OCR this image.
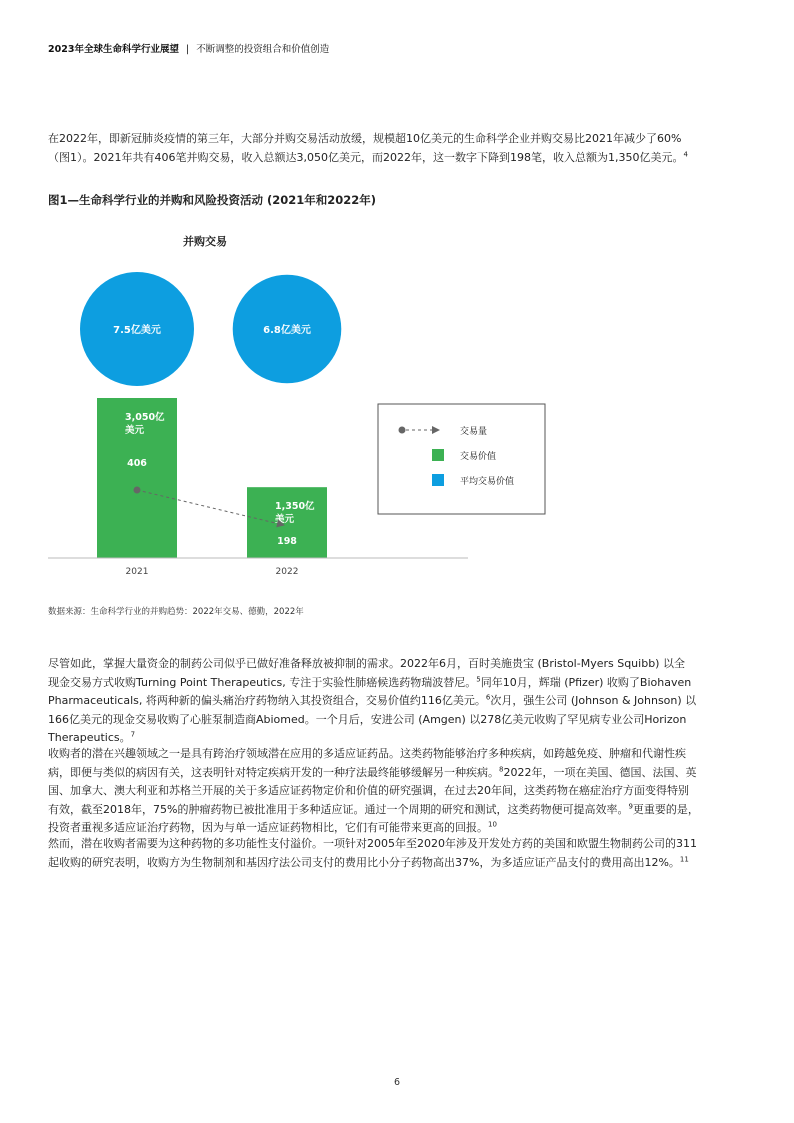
2023年全球生命科学行业展望 | 不断调整的投资组合和价值创造

在2022年，即新冠肺炎疫情的第三年，大部分并购交易活动放缓，规模超10亿美元的生命科学企业并购交易比2021年减少了60%

（图1）。2021年共有406笔并购交易，收入总额达3,050亿美元，而2022年，这一数字下降到198笔，收入总额为1,350亿美元。$^4$

图1—生命科学行业的并购和风险投资活动 (2021年和2022年)
并购交易
7.5亿美元	6.8亿美元
3,050亿
美元
1,350亿
美元
2021	2022
406
198
交易量
交易价值
平均交易价值
数据来源：生命科学行业的并购趋势：2022年交易、德勤，2022年

尽管如此，掌握大量资金的制药公司似乎已做好准备释放被抑制的需求。2022年6月，百时美施贵宝 (Bristol-Myers Squibb) 以全

现金交易方式收购Turning Point Therapeutics, 专注于实验性肺癌候选药物瑞波替尼。$^5$同年10月，辉瑞 (Pfizer) 收购了Biohaven

Pharmaceuticals, 将两种新的偏头痛治疗药物纳入其投资组合，交易价值约116亿美元。$^6$次月，强生公司 (Johnson & Johnson) 以

166亿美元的现金交易收购了心脏泵制造商Abiomed。一个月后，安进公司 (Amgen) 以278亿美元收购了罕见病专业公司Horizon

Therapeutics。$^7$

收购者的潜在兴趣领域之一是具有跨治疗领域潜在应用的多适应证药品。这类药物能够治疗多种疾病，如跨越免疫、肿瘤和代谢性疾

病，即便与类似的病因有关，这表明针对特定疾病开发的一种疗法最终能够缓解另一种疾病。$^8$2022年，一项在美国、德国、法国、英

国、加拿大、澳大利亚和苏格兰开展的关于多适应证药物定价和价值的研究强调，在过去20年间，这类药物在癌症治疗方面变得特别

有效，截至2018年，75%的肿瘤药物已被批准用于多种适应证。通过一个周期的研究和测试，这类药物便可提高效率。$^9$更重要的是，

投资者重视多适应证治疗药物，因为与单一适应证药物相比，它们有可能带来更高的回报。$^{10}$

然而，潜在收购者需要为这种药物的多功能性支付溢价。一项针对2005年至2020年涉及开发处方药的美国和欧盟生物制药公司的311

起收购的研究表明，收购方为生物制剂和基因疗法公司支付的费用比小分子药物高出37%，为多适应证产品支付的费用高出12%。$^{11}$

6
